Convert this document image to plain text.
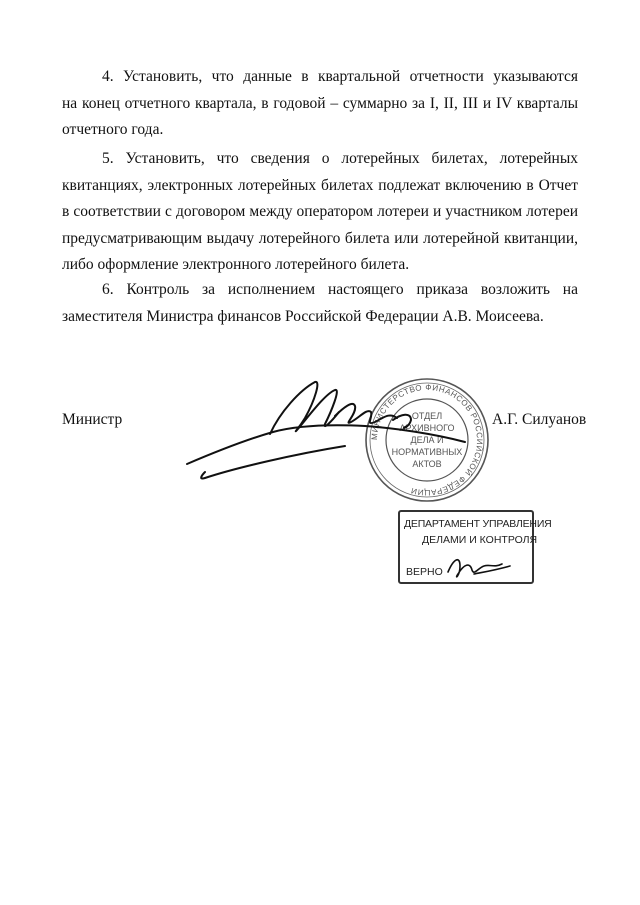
4. Установить, что данные в квартальной отчетности указываются
на конец отчетного квартала, в годовой – суммарно за I, II, III и IV кварталы
отчетного года.
5. Установить, что сведения о лотерейных билетах, лотерейных
квитанциях, электронных лотерейных билетах подлежат включению в Отчет
в соответствии с договором между оператором лотереи и участником лотереи
предусматривающим выдачу лотерейного билета или лотерейной квитанции,
либо оформление электронного лотерейного билета.
6. Контроль за исполнением настоящего приказа возложить на
заместителя Министра финансов Российской Федерации А.В. Моисеева.
Министр
МИНИСТЕРСТВО ФИНАНСОВ РОССИЙСКОЙ ФЕДЕРАЦИИ
ОТДЕЛ
АРХИВНОГО
ДЕЛА И
НОРМАТИВНЫХ
АКТОВ
А.Г. Силуанов
ДЕПАРТАМЕНТ УПРАВЛЕНИЯ
ДЕЛАМИ И КОНТРОЛЯ
ВЕРНО
